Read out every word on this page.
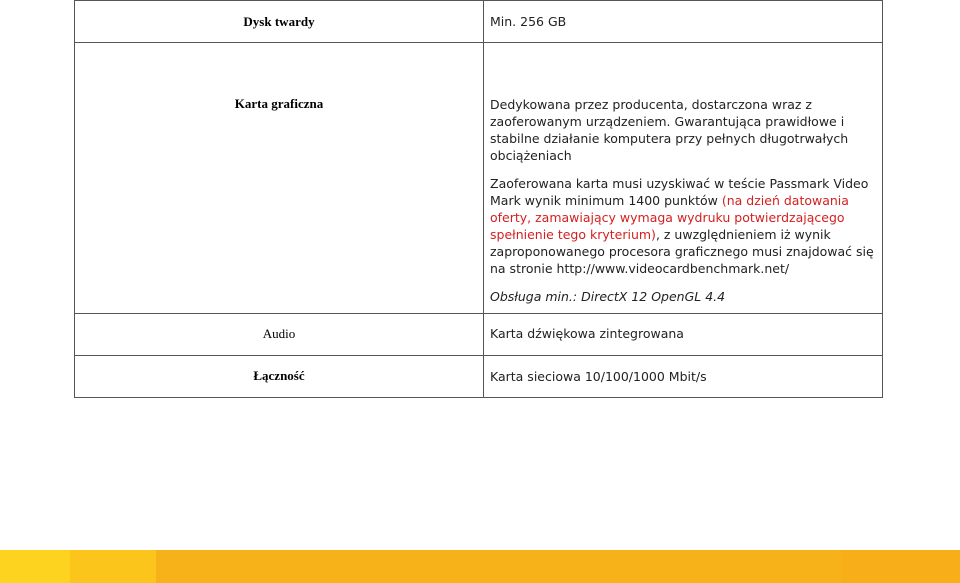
Dysk twardy	Min. 256 GB
Karta graficzna	Dedykowana przez producenta, dostarczona wraz z zaoferowanym urządzeniem. Gwarantująca prawidłowe i stabilne działanie komputera przy pełnych długotrwałych obciążeniach

Zaoferowana karta musi uzyskiwać w teście Passmark Video Mark wynik minimum 1400 punktów (na dzień datowania oferty, zamawiający wymaga wydruku potwierdzającego spełnienie tego kryterium), z uwzględnieniem iż wynik zaproponowanego procesora graficznego musi znajdować się na stronie http://www.videocardbenchmark.net/

Obsługa min.: DirectX 12 OpenGL 4.4

Audio	Karta dźwiękowa zintegrowana
Łączność	Karta sieciowa 10/100/1000 Mbit/s
